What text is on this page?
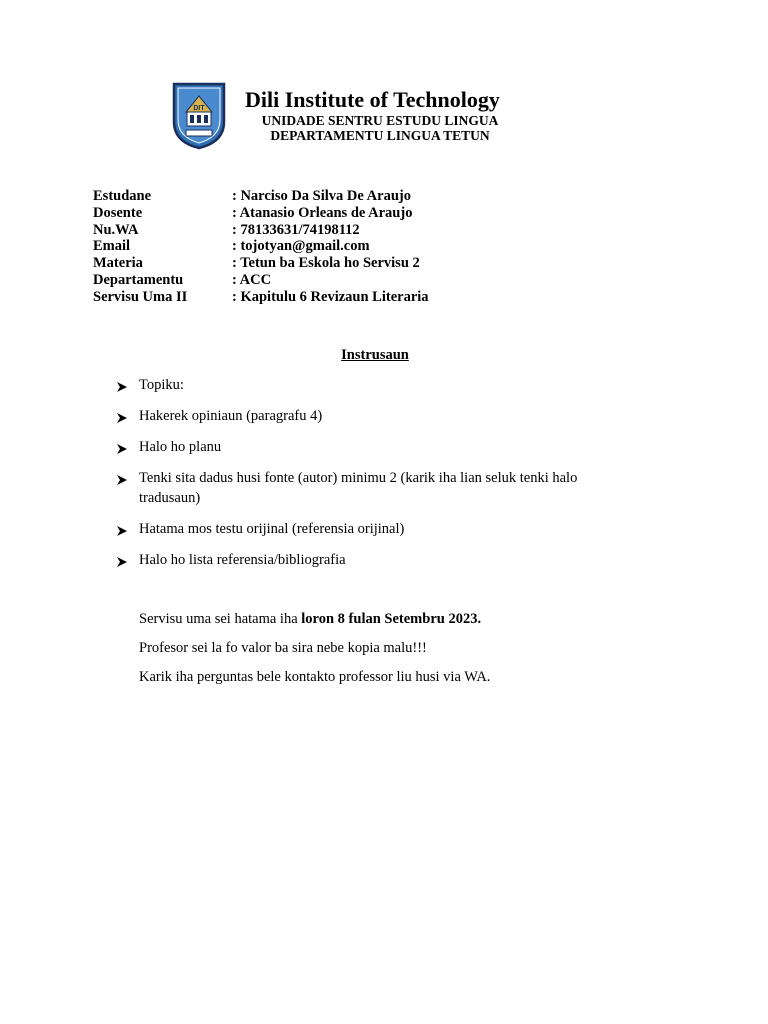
DIT Dili Institute of Technology
UNIDADE SENTRU ESTUDU LINGUA
DEPARTAMENTU LINGUA TETUN
Estudane	: Narciso Da Silva De Araujo
Dosente	: Atanasio Orleans de Araujo
Nu.WA	: 78133631/74198112
Email	: tojotyan@gmail.com
Materia	: Tetun ba Eskola ho Servisu 2
Departamentu	: ACC
Servisu Uma II	: Kapitulu 6 Revizaun Literaria
Instrusaun
Topiku:
Hakerek opiniaun (paragrafu 4)
Halo ho planu
Tenki sita dadus husi fonte (autor) minimu 2 (karik iha lian seluk tenki halo tradusaun)
Hatama mos testu orijinal (referensia orijinal)
Halo ho lista referensia/bibliografia
Servisu uma sei hatama iha loron 8 fulan Setembru 2023.
Profesor sei la fo valor ba sira nebe kopia malu!!!
Karik iha perguntas bele kontakto professor liu husi via WA.
